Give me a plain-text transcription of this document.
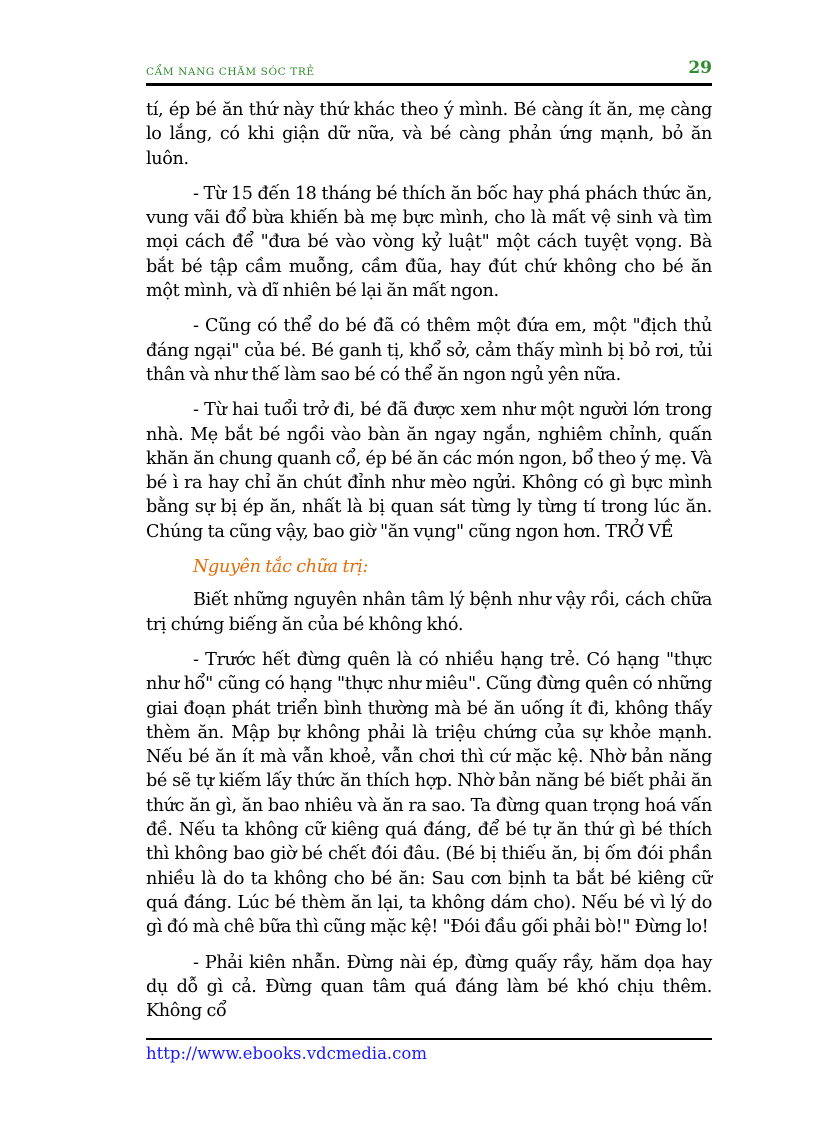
CẨM NANG CHĂM SÓC TRẺ	29

tí, ép bé ăn thứ này thứ khác theo ý mình. Bé càng ít ăn, mẹ càng lo lắng, có khi giận dữ nữa, và bé càng phản ứng mạnh, bỏ ăn luôn.

- Từ 15 đến 18 tháng bé thích ăn bốc hay phá phách thức ăn, vung vãi đổ bừa khiến bà mẹ bực mình, cho là mất vệ sinh và tìm mọi cách để "đưa bé vào vòng kỷ luật" một cách tuyệt vọng. Bà bắt bé tập cầm muỗng, cầm đũa, hay đút chứ không cho bé ăn một mình, và dĩ nhiên bé lại ăn mất ngon.

- Cũng có thể do bé đã có thêm một đứa em, một "địch thủ đáng ngại" của bé. Bé ganh tị, khổ sở, cảm thấy mình bị bỏ rơi, tủi thân và như thế làm sao bé có thể ăn ngon ngủ yên nữa.

- Từ hai tuổi trở đi, bé đã được xem như một người lớn trong nhà. Mẹ bắt bé ngồi vào bàn ăn ngay ngắn, nghiêm chỉnh, quấn khăn ăn chung quanh cổ, ép bé ăn các món ngon, bổ theo ý mẹ. Và bé ì ra hay chỉ ăn chút đỉnh như mèo ngửi. Không có gì bực mình bằng sự bị ép ăn, nhất là bị quan sát từng ly từng tí trong lúc ăn. Chúng ta cũng vậy, bao giờ "ăn vụng" cũng ngon hơn. TRỞ VỀ

Nguyên tắc chữa trị:

Biết những nguyên nhân tâm lý bệnh như vậy rồi, cách chữa trị chứng biếng ăn của bé không khó.

- Trước hết đừng quên là có nhiều hạng trẻ. Có hạng "thực như hổ" cũng có hạng "thực như miêu". Cũng đừng quên có những giai đoạn phát triển bình thường mà bé ăn uống ít đi, không thấy thèm ăn. Mập bự không phải là triệu chứng của sự khỏe mạnh. Nếu bé ăn ít mà vẫn khoẻ, vẫn chơi thì cứ mặc kệ. Nhờ bản năng bé sẽ tự kiếm lấy thức ăn thích hợp. Nhờ bản năng bé biết phải ăn thức ăn gì, ăn bao nhiêu và ăn ra sao. Ta đừng quan trọng hoá vấn đề. Nếu ta không cữ kiêng quá đáng, để bé tự ăn thứ gì bé thích thì không bao giờ bé chết đói đâu. (Bé bị thiếu ăn, bị ốm đói phần nhiều là do ta không cho bé ăn: Sau cơn bịnh ta bắt bé kiêng cữ quá đáng. Lúc bé thèm ăn lại, ta không dám cho). Nếu bé vì lý do gì đó mà chê bữa thì cũng mặc kệ! "Đói đầu gối phải bò!" Đừng lo!

- Phải kiên nhẫn. Đừng nài ép, đừng quấy rầy, hăm dọa hay dụ dỗ gì cả. Đừng quan tâm quá đáng làm bé khó chịu thêm. Không cổ

http://www.ebooks.vdcmedia.com
